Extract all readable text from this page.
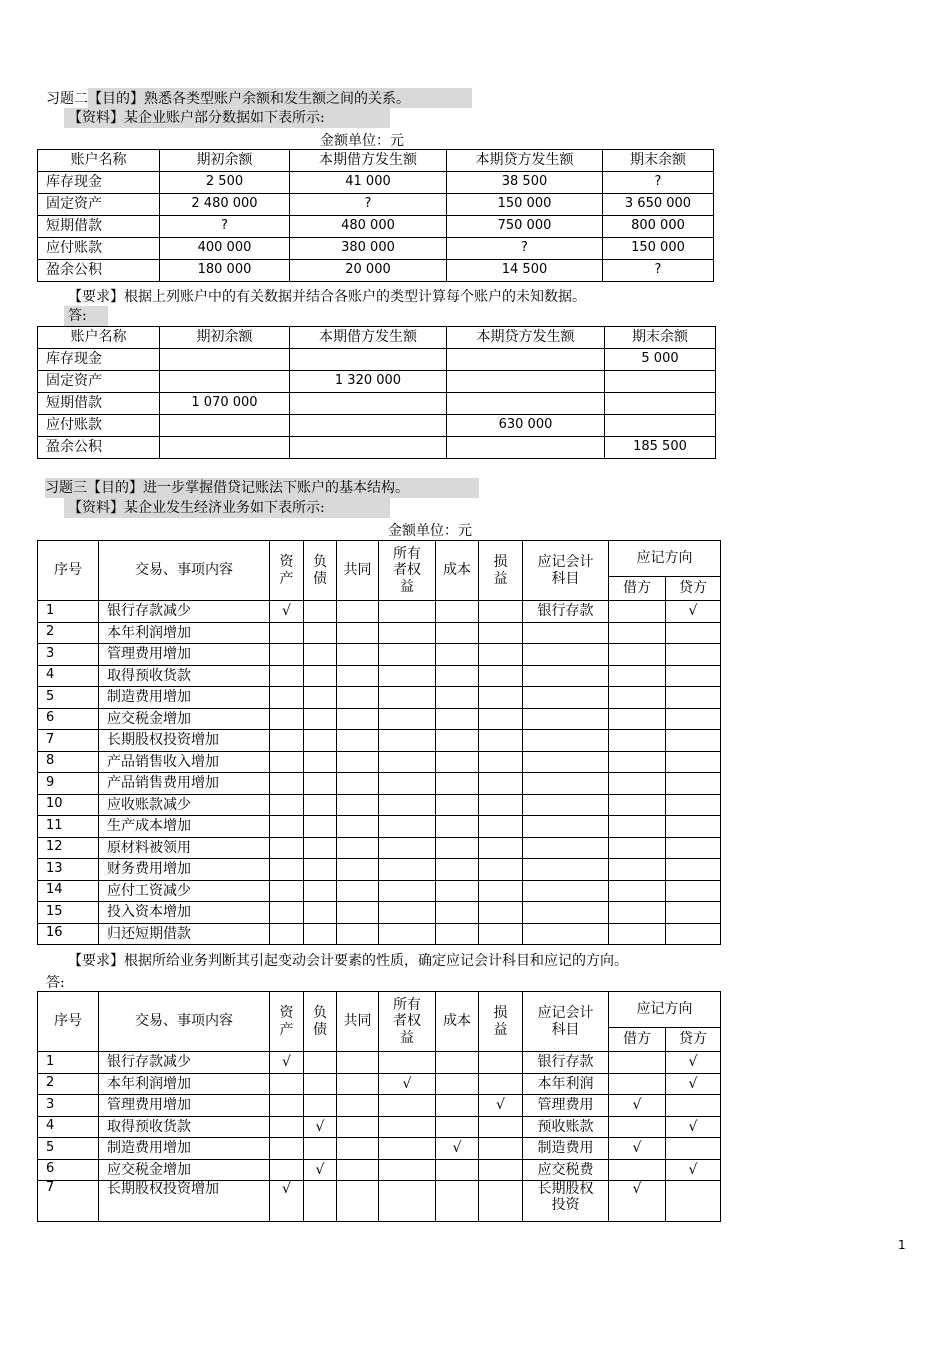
习题二【目的】熟悉各类型账户余额和发生额之间的关系。
【资料】某企业账户部分数据如下表所示:
金额单位：元
账户名称	期初余额	本期借方发生额	本期贷方发生额	期末余额
库存现金	2 500	41 000	38 500	?
固定资产	2 480 000	?	150 000	3 650 000
短期借款	?	480 000	750 000	800 000
应付账款	400 000	380 000	?	150 000
盈余公积	180 000	20 000	14 500	?
【要求】根据上列账户中的有关数据并结合各账户的类型计算每个账户的未知数据。
答:
账户名称	期初余额	本期借方发生额	本期贷方发生额	期末余额
库存现金				5 000
固定资产		1 320 000		
短期借款	1 070 000			
应付账款			630 000	
盈余公积				185 500
习题三【目的】进一步掌握借贷记账法下账户的基本结构。
【资料】某企业发生经济业务如下表所示:
金额单位：元
序号	交易、事项内容	资产	负债	共同	所有者权益	成本	损益	应记会计科目	应记方向	
									借方	贷方
1	银行存款减少	√						银行存款		√
2	本年利润增加									
3	管理费用增加									
4	取得预收货款									
5	制造费用增加									
6	应交税金增加									
7	长期股权投资增加									
8	产品销售收入增加									
9	产品销售费用增加									
10	应收账款减少									
11	生产成本增加									
12	原材料被领用									
13	财务费用增加									
14	应付工资减少									
15	投入资本增加									
16	归还短期借款									
【要求】根据所给业务判断其引起变动会计要素的性质，确定应记会计科目和应记的方向。
答:
序号	交易、事项内容	资产	负债	共同	所有者权益	成本	损益	应记会计科目	应记方向	
									借方	贷方
1	银行存款减少	√						银行存款		√
2	本年利润增加				√			本年利润		√
3	管理费用增加						√	管理费用	√	
4	取得预收货款		√					预收账款		√
5	制造费用增加					√		制造费用	√	
6	应交税金增加		√					应交税费		√
7	长期股权投资增加	√						长期股权投资	√	
1
